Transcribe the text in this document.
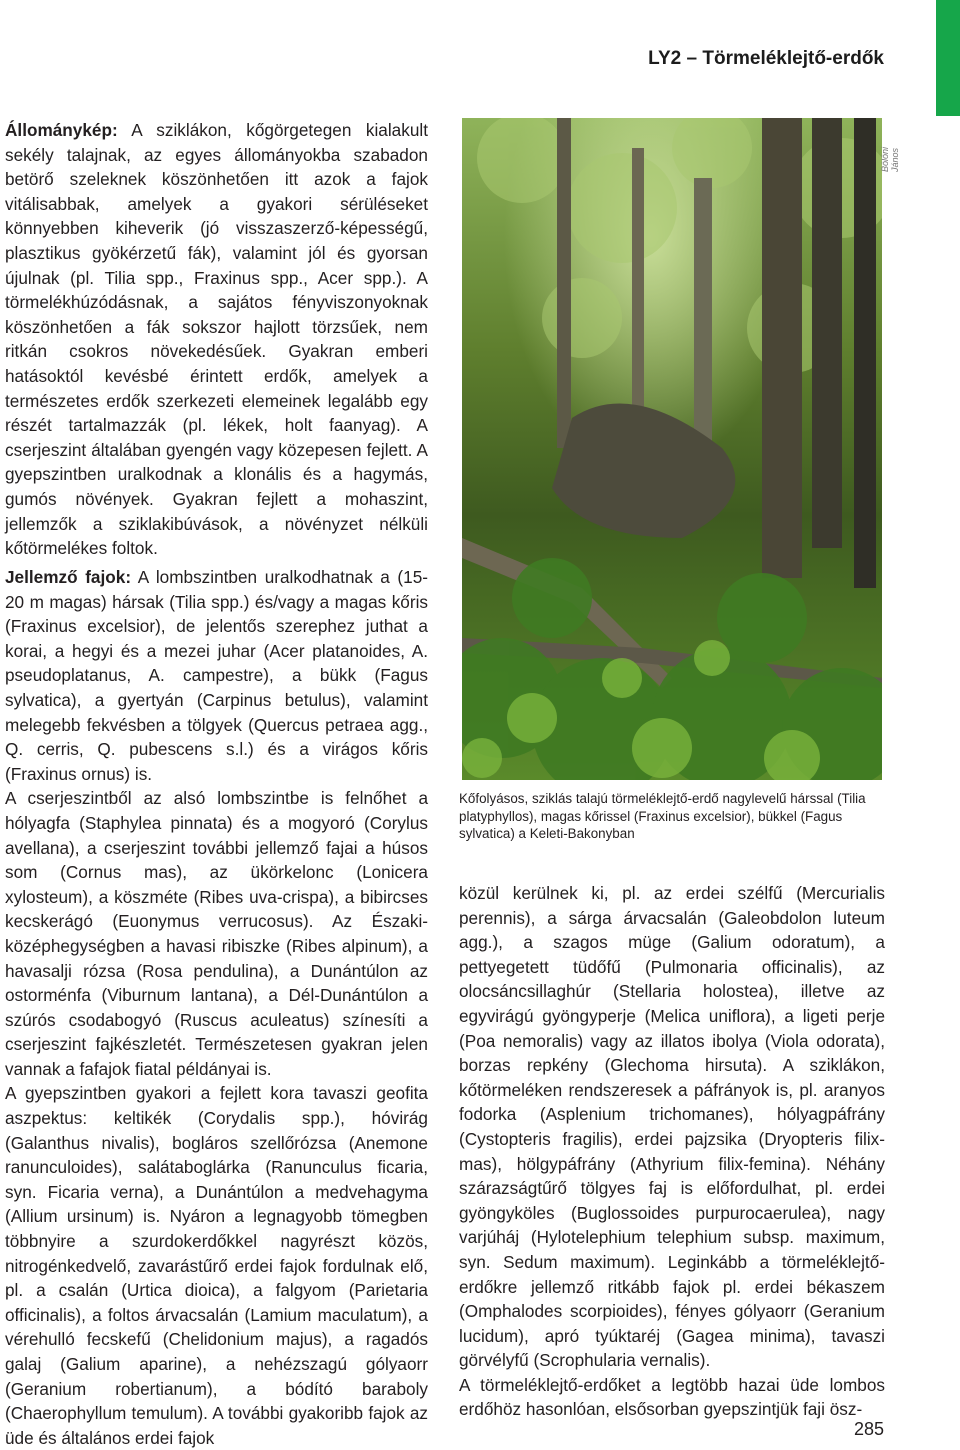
LY2 – Törmeléklejtő-erdők

Állománykép: A sziklákon, kőgörgetegen kialakult sekély talajnak, az egyes állományokba szabadon betörő szeleknek köszönhetően itt azok a fajok vitálisabbak, amelyek a gyakori sérüléseket könnyebben kiheverik (jó visszaszerző-képességű, plasztikus gyökérzetű fák), valamint jól és gyorsan újulnak (pl. Tilia spp., Fraxinus spp., Acer spp.). A törmelékhúzódásnak, a sajátos fényviszonyoknak köszönhetően a fák sokszor hajlott törzsűek, nem ritkán csokros növekedésűek. Gyakran emberi hatásoktól kevésbé érintett erdők, amelyek a természetes erdők szerkezeti elemeinek legalább egy részét tartalmazzák (pl. lékek, holt faanyag). A cserjeszint általában gyengén vagy közepesen fejlett. A gyepszintben uralkodnak a klonális és a hagymás, gumós növények. Gyakran fejlett a mohaszint, jellemzők a sziklakibúvások, a növényzet nélküli kőtörmelékes foltok.

Jellemző fajok: A lombszintben uralkodhatnak a (15-20 m magas) hársak (Tilia spp.) és/vagy a magas kőris (Fraxinus excelsior), de jelentős szerephez juthat a korai, a hegyi és a mezei juhar (Acer platanoides, A. pseudoplatanus, A. campestre), a bükk (Fagus sylvatica), a gyertyán (Carpinus betulus), valamint melegebb fekvésben a tölgyek (Quercus petraea agg., Q. cerris, Q. pubescens s.l.) és a virágos kőris (Fraxinus ornus) is.

A cserjeszintből az alsó lombszintbe is felnőhet a hólyagfa (Staphylea pinnata) és a mogyoró (Corylus avellana), a cserjeszint további jellemző fajai a húsos som (Cornus mas), az ükörkelonc (Lonicera xylosteum), a köszméte (Ribes uva-crispa), a bibircses kecskerágó (Euonymus verrucosus). Az Északi-középhegységben a havasi ribiszke (Ribes alpinum), a havasalji rózsa (Rosa pendulina), a Dunántúlon az ostorménfa (Viburnum lantana), a Dél-Dunántúlon a szúrós csodabogyó (Ruscus aculeatus) színesíti a cserjeszint fajkészletét. Természetesen gyakran jelen vannak a fafajok fiatal példányai is.

A gyepszintben gyakori a fejlett kora tavaszi geofita aszpektus: keltikék (Corydalis spp.), hóvirág (Galanthus nivalis), bogláros szellőrózsa (Anemone ranunculoides), salátaboglárka (Ranunculus ficaria, syn. Ficaria verna), a Dunántúlon a medvehagyma (Allium ursinum) is. Nyáron a legnagyobb tömegben többnyire a szurdokerdőkkel nagyrészt közös, nitrogénkedvelő, zavarástűrő erdei fajok fordulnak elő, pl. a csalán (Urtica dioica), a falgyom (Parietaria officinalis), a foltos árvacsalán (Lamium maculatum), a vérehulló fecskefű (Chelidonium majus), a ragadós galaj (Galium aparine), a nehézszagú gólyaorr (Geranium robertianum), a bódító baraboly (Chaerophyllum temulum). A további gyakoribb fajok az üde és általános erdei fajok

Bölöni János
Kőfolyásos, sziklás talajú törmeléklejtő-erdő nagylevelű hárssal (Tilia platyphyllos), magas kőrissel (Fraxinus excelsior), bükkel (Fagus sylvatica) a Keleti-Bakonyban

közül kerülnek ki, pl. az erdei szélfű (Mercurialis perennis), a sárga árvacsalán (Galeobdolon luteum agg.), a szagos müge (Galium odoratum), a pettyegetett tüdőfű (Pulmonaria officinalis), az olocsáncsillaghúr (Stellaria holostea), illetve az egyvirágú gyöngyperje (Melica uniflora), a ligeti perje (Poa nemoralis) vagy az illatos ibolya (Viola odorata), borzas repkény (Glechoma hirsuta). A sziklákon, kőtörmeléken rendszeresek a páfrányok is, pl. aranyos fodorka (Asplenium trichomanes), hólyagpáfrány (Cystopteris fragilis), erdei pajzsika (Dryopteris filix-mas), hölgypáfrány (Athyrium filix-femina). Néhány szárazságtűrő tölgyes faj is előfordulhat, pl. erdei gyöngyköles (Buglossoides purpurocaerulea), nagy varjúháj (Hylotelephium telephium subsp. maximum, syn. Sedum maximum). Leginkább a törmeléklejtő-erdőkre jellemző ritkább fajok pl. erdei békaszem (Omphalodes scorpioides), fényes gólyaorr (Geranium lucidum), apró tyúktaréj (Gagea minima), tavaszi görvélyfű (Scrophularia vernalis).

A törmeléklejtő-erdőket a legtöbb hazai üde lombos erdőhöz hasonlóan, elsősorban gyepszintjük faji ösz-

285
